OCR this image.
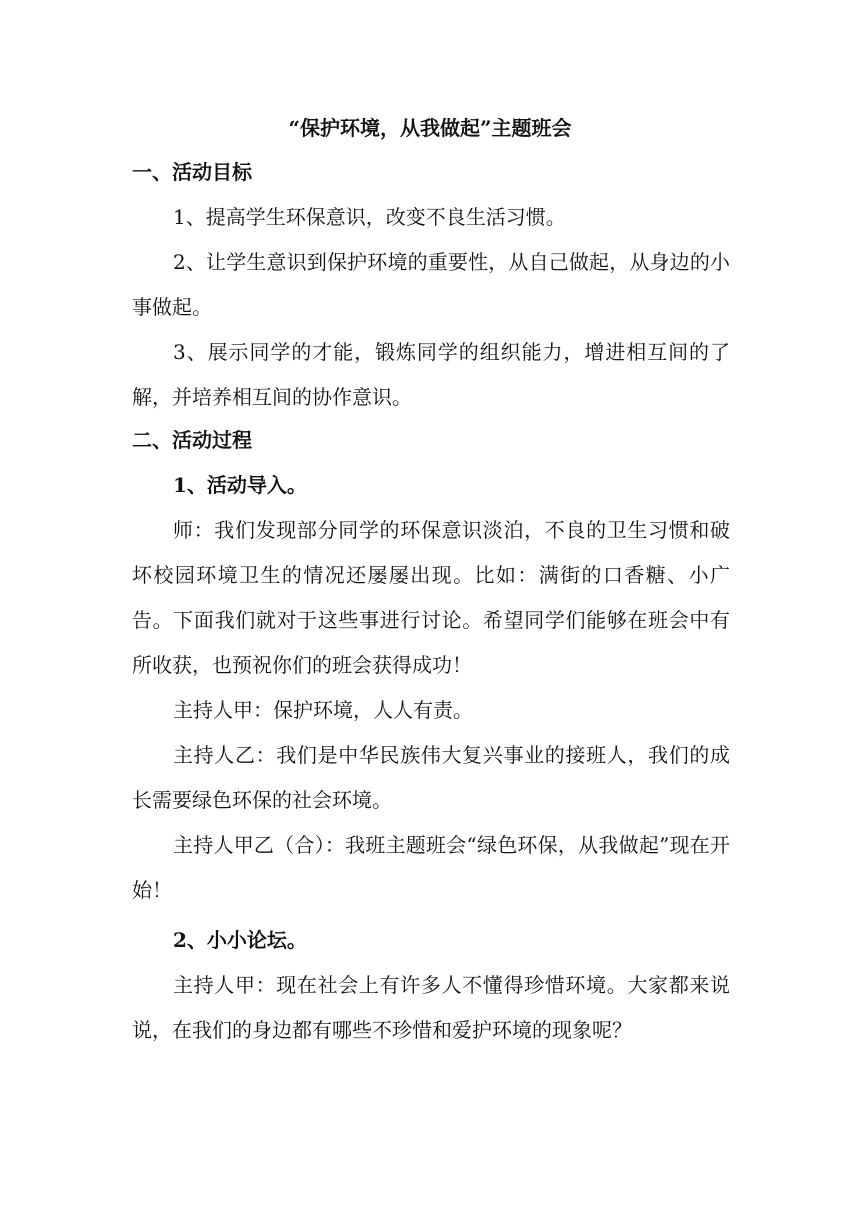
“保护环境，从我做起”主题班会
一、活动目标

1、提高学生环保意识，改变不良生活习惯。

2、让学生意识到保护环境的重要性，从自己做起，从身边的小事做起。

3、展示同学的才能，锻炼同学的组织能力，增进相互间的了解，并培养相互间的协作意识。

二、活动过程
1、活动导入。

师：我们发现部分同学的环保意识淡泊，不良的卫生习惯和破坏校园环境卫生的情况还屡屡出现。比如：满街的口香糖、小广告。下面我们就对于这些事进行讨论。希望同学们能够在班会中有所收获，也预祝你们的班会获得成功！

主持人甲：保护环境，人人有责。

主持人乙：我们是中华民族伟大复兴事业的接班人，我们的成长需要绿色环保的社会环境。

主持人甲乙（合）：我班主题班会“绿色环保，从我做起”现在开始！

2、小小论坛。

主持人甲：现在社会上有许多人不懂得珍惜环境。大家都来说说，在我们的身边都有哪些不珍惜和爱护环境的现象呢？
